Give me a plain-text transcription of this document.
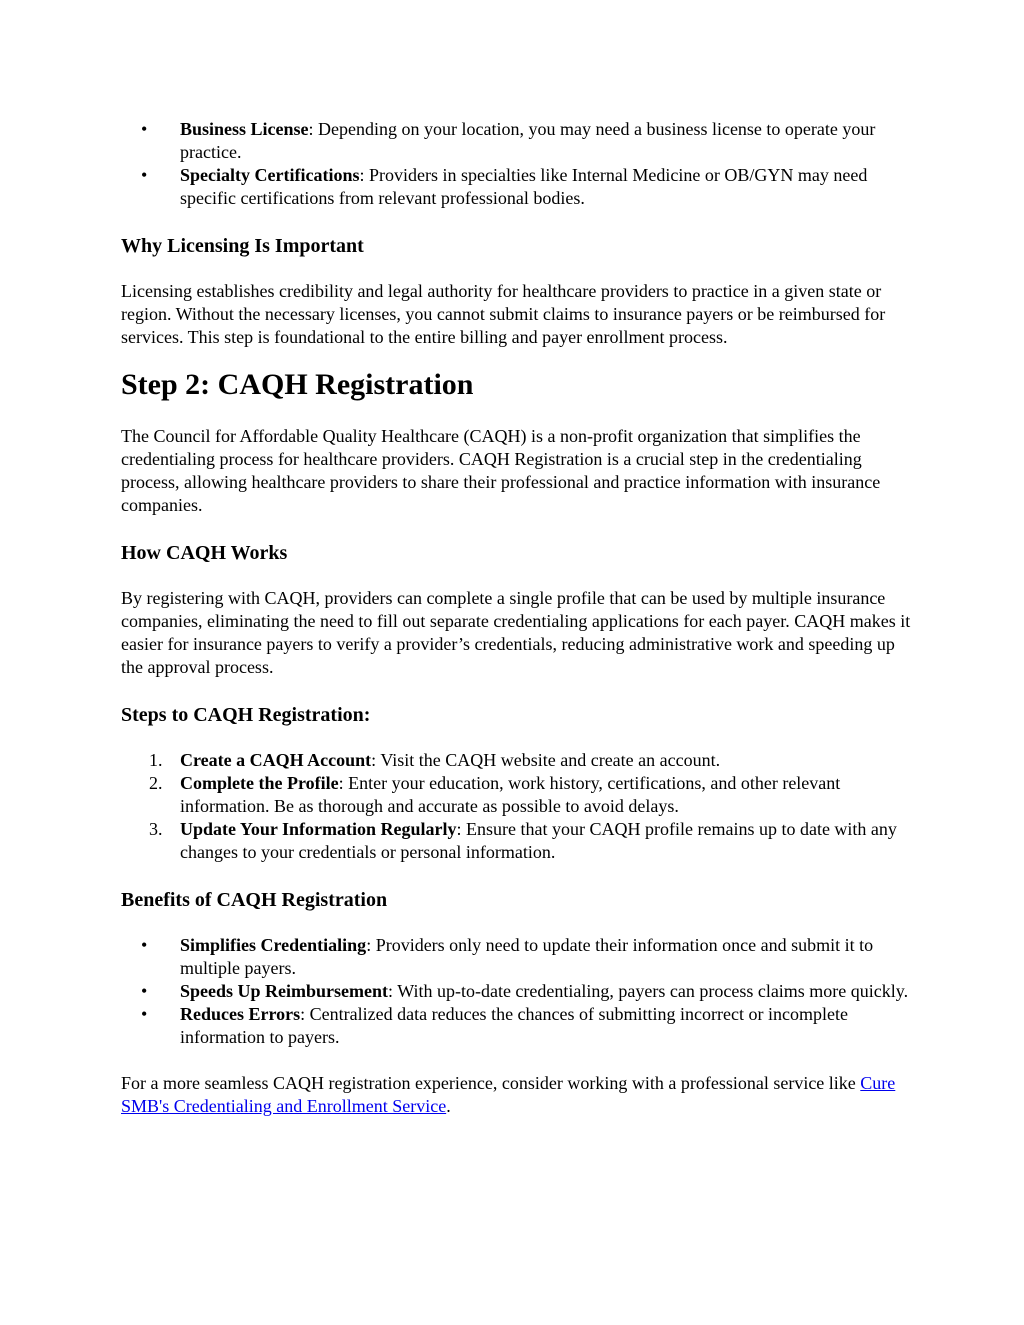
•	Business License: Depending on your location, you may need a business license to operate your practice.
•	Specialty Certifications: Providers in specialties like Internal Medicine or OB/GYN may need specific certifications from relevant professional bodies.
Why Licensing Is Important

Licensing establishes credibility and legal authority for healthcare providers to practice in a given state or region. Without the necessary licenses, you cannot submit claims to insurance payers or be reimbursed for services. This step is foundational to the entire billing and payer enrollment process.

Step 2: CAQH Registration

The Council for Affordable Quality Healthcare (CAQH) is a non-profit organization that simplifies the credentialing process for healthcare providers. CAQH Registration is a crucial step in the credentialing process, allowing healthcare providers to share their professional and practice information with insurance companies.

How CAQH Works

By registering with CAQH, providers can complete a single profile that can be used by multiple insurance companies, eliminating the need to fill out separate credentialing applications for each payer. CAQH makes it easier for insurance payers to verify a provider’s credentials, reducing administrative work and speeding up the approval process.

Steps to CAQH Registration:
1. Create a CAQH Account: Visit the CAQH website and create an account.
2. Complete the Profile: Enter your education, work history, certifications, and other relevant information. Be as thorough and accurate as possible to avoid delays.
3. Update Your Information Regularly: Ensure that your CAQH profile remains up to date with any changes to your credentials or personal information.
Benefits of CAQH Registration
•	Simplifies Credentialing: Providers only need to update their information once and submit it to multiple payers.
•	Speeds Up Reimbursement: With up-to-date credentialing, payers can process claims more quickly.
•	Reduces Errors: Centralized data reduces the chances of submitting incorrect or incomplete information to payers.

For a more seamless CAQH registration experience, consider working with a professional service like Cure SMB's Credentialing and Enrollment Service.
